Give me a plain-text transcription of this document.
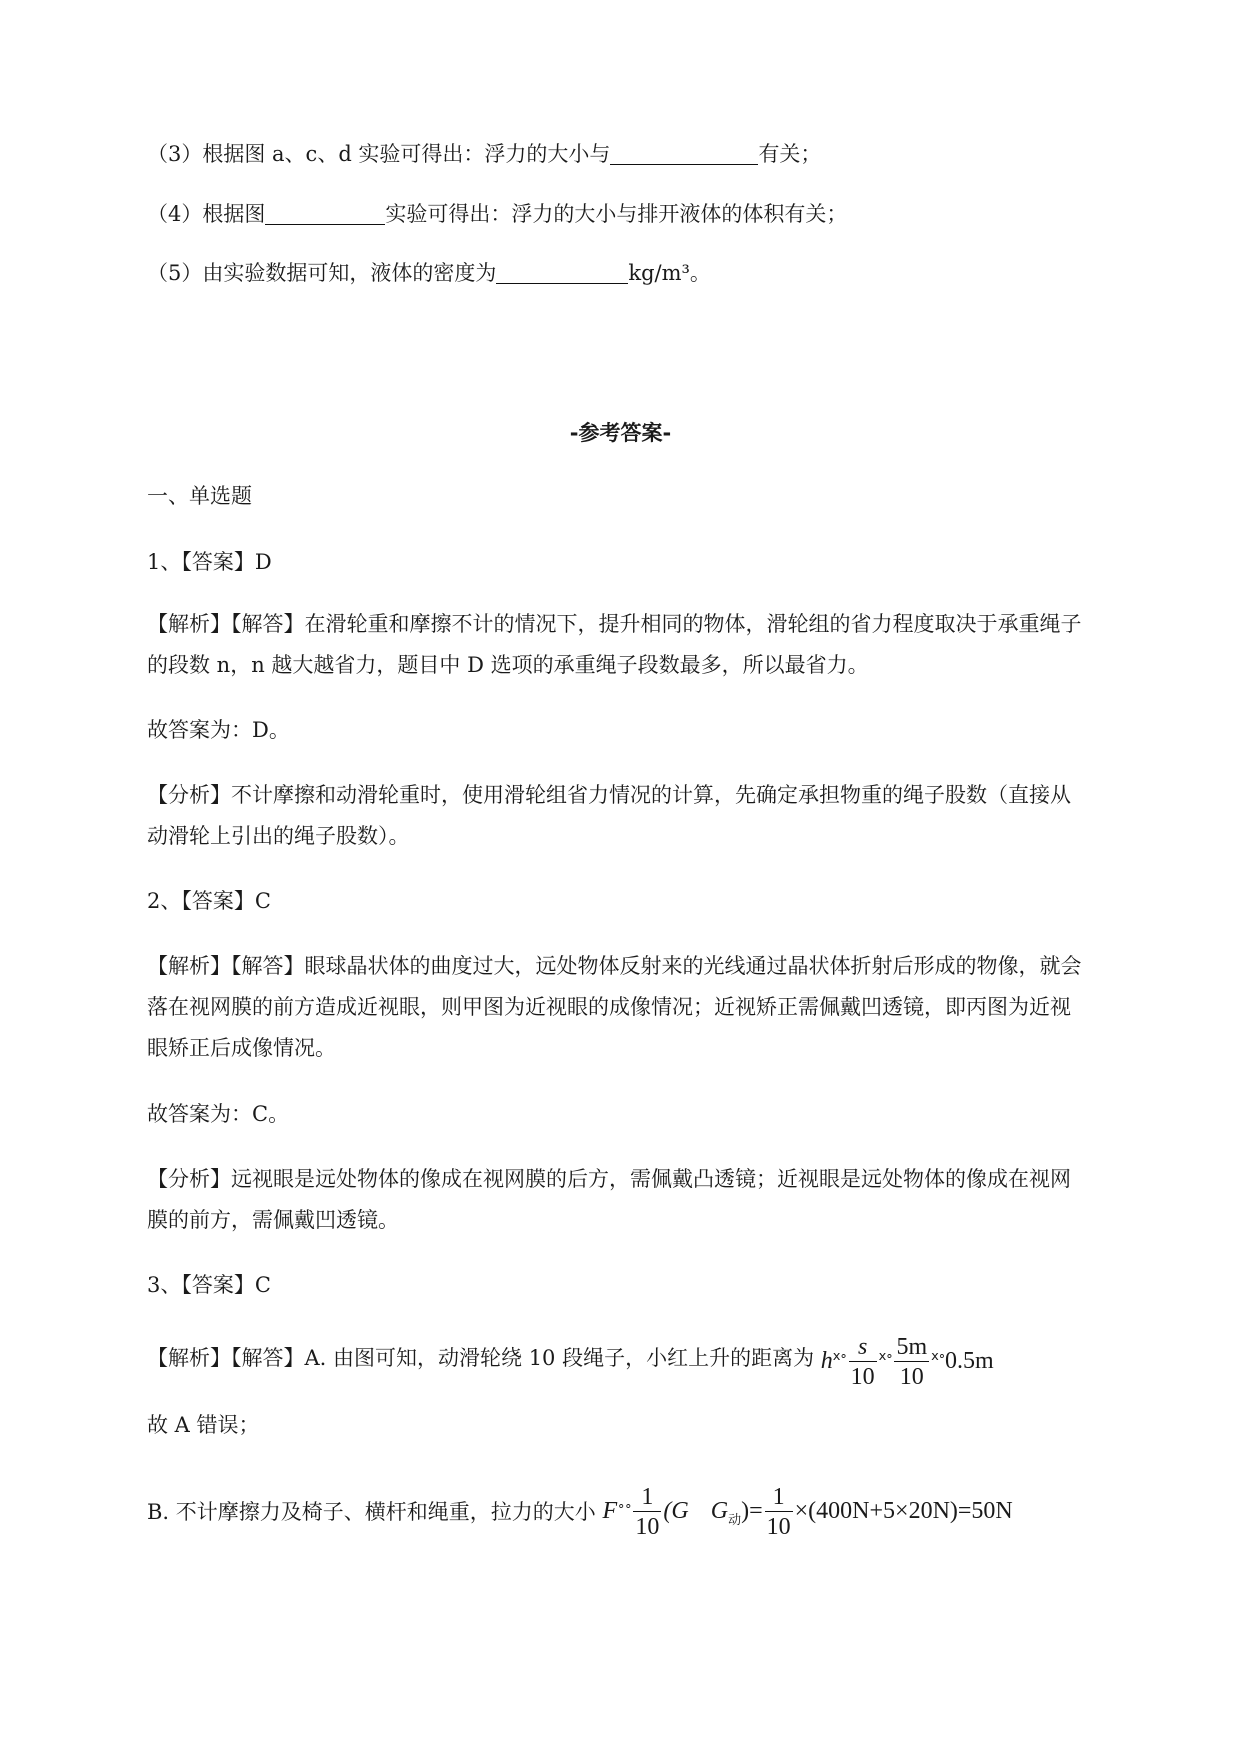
（3）根据图 a、c、d 实验可得出：浮力的大小与	有关；
（4）根据图	实验可得出：浮力的大小与排开液体的体积有关；
（5）由实验数据可知，液体的密度为	kg/m³。
-参考答案-
一、单选题
1、【答案】D
【解析】【解答】在滑轮重和摩擦不计的情况下，提升相同的物体，滑轮组的省力程度取决于承重绳子
的段数 n，n 越大越省力，题目中 D 选项的承重绳子段数最多，所以最省力。
故答案为：D。
【分析】不计摩擦和动滑轮重时，使用滑轮组省力情况的计算，先确定承担物重的绳子股数（直接从
动滑轮上引出的绳子股数）。
2、【答案】C
【解析】【解答】眼球晶状体的曲度过大，远处物体反射来的光线通过晶状体折射后形成的物像，就会
落在视网膜的前方造成近视眼，则甲图为近视眼的成像情况；近视矫正需佩戴凹透镜，即丙图为近视
眼矫正后成像情况。
故答案为：C。
【分析】远视眼是远处物体的像成在视网膜的后方，需佩戴凸透镜；近视眼是远处物体的像成在视网
膜的前方，需佩戴凹透镜。
3、【答案】C
【解析】【解答】A. 由图可知，动滑轮绕 10 段绳子，小红上升的距离为 $h^{ⅹ\circ} \frac{s}{10} ^{ⅹ\circ} \frac{5m}{10} ^{ⅹ\circ}0.5m$
故 A 错误；
B. 不计摩擦力及椅子、横杆和绳重，拉力的大小 $F^{\circ\circ} \frac{1}{10} (G$ $G_动)= \frac{1}{10} \times(400N+5\times 20N)=50N$
